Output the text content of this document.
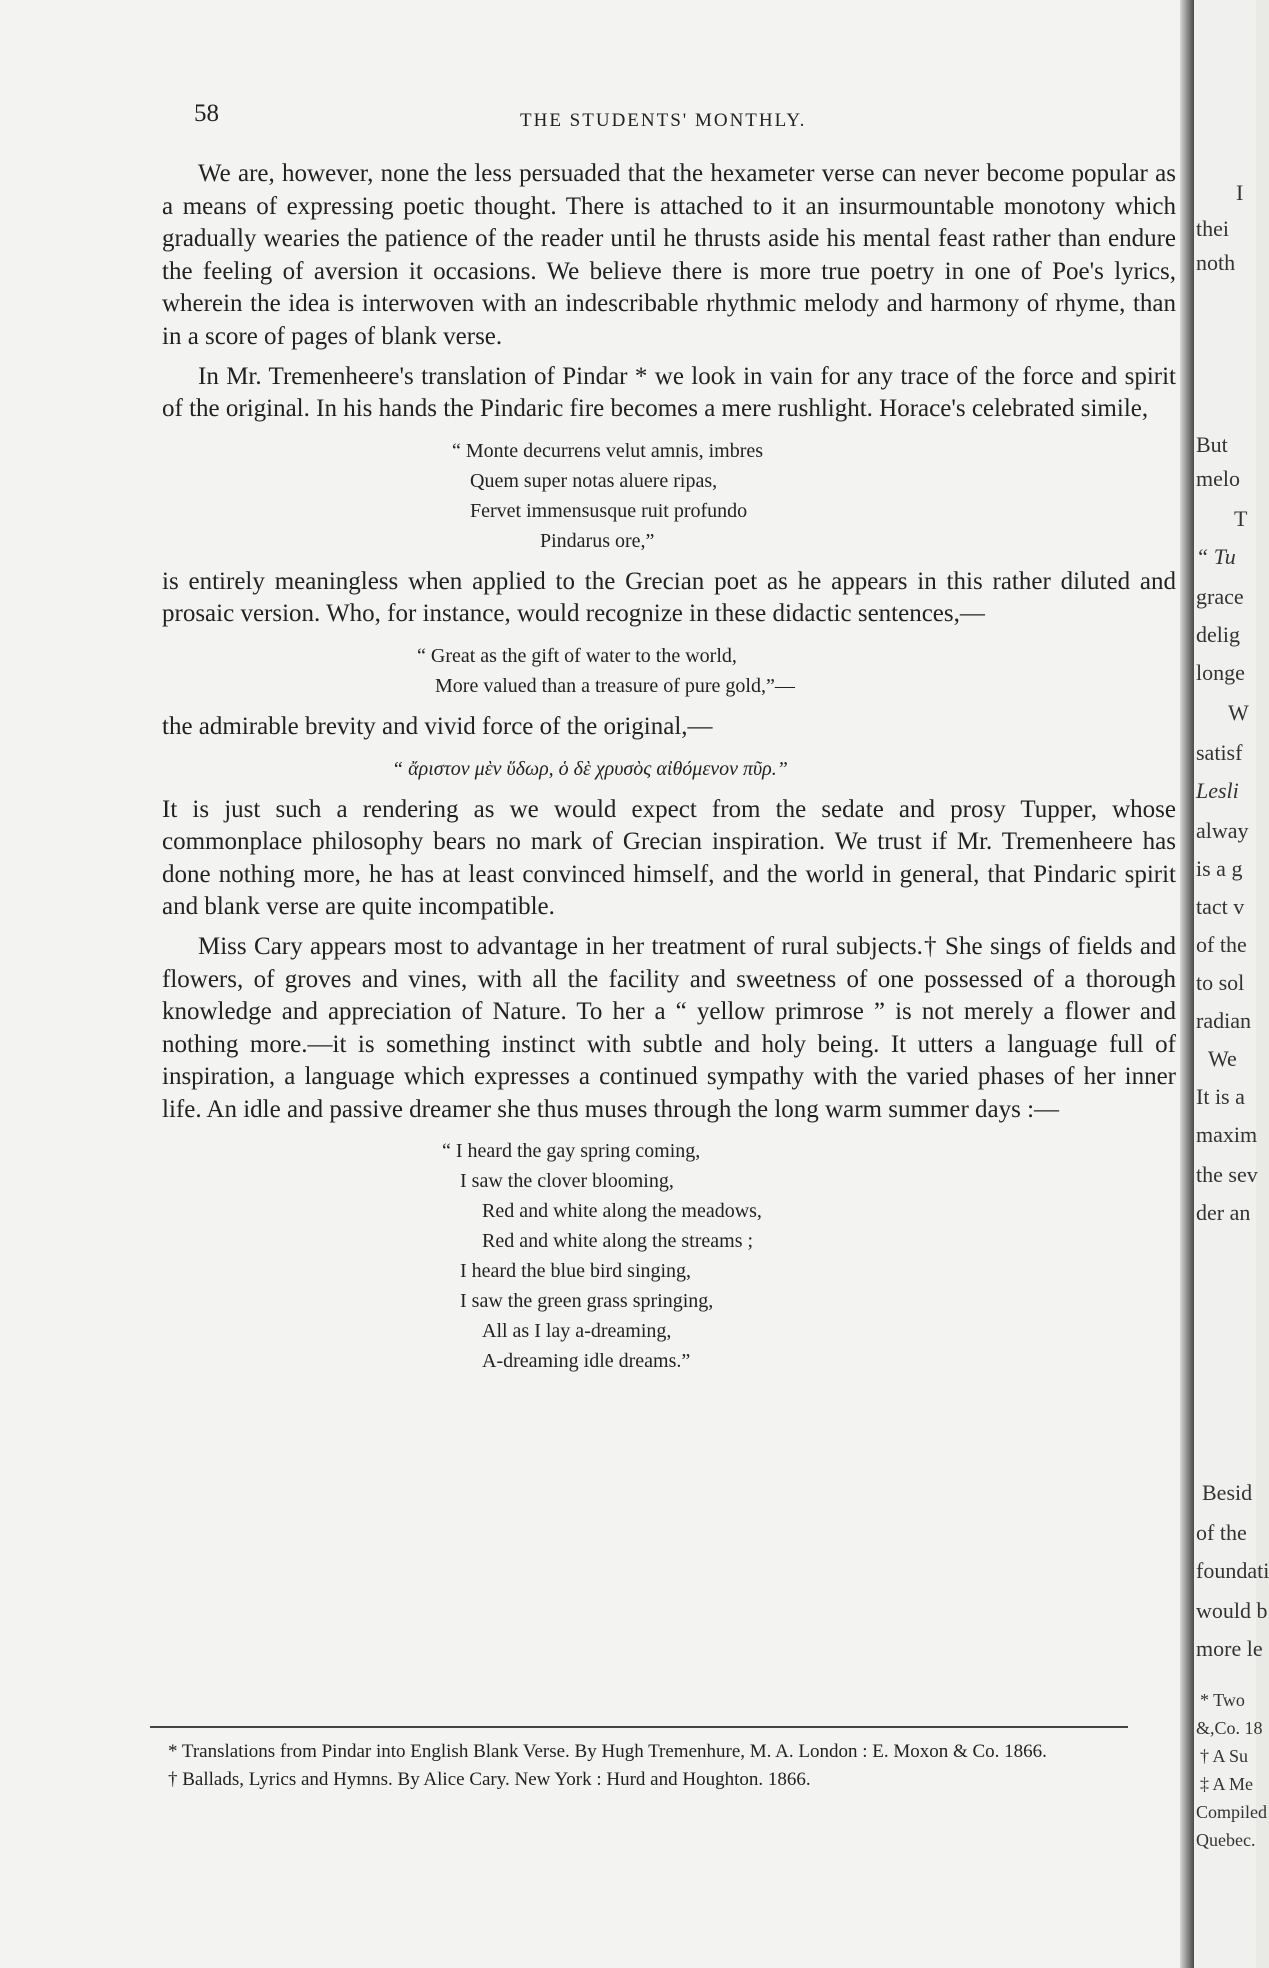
58	THE STUDENTS' MONTHLY.

We are, however, none the less persuaded that the hexameter verse can never become popular as a means of expressing poetic thought. There is attached to it an insurmountable monotony which gradually wearies the patience of the reader until he thrusts aside his mental feast rather than endure the feeling of aversion it occasions. We believe there is more true poetry in one of Poe's lyrics, wherein the idea is interwoven with an indescribable rhythmic melody and harmony of rhyme, than in a score of pages of blank verse.

In Mr. Tremenheere's translation of Pindar * we look in vain for any trace of the force and spirit of the original. In his hands the Pindaric fire becomes a mere rushlight. Horace's celebrated simile,

“ Monte decurrens velut amnis, imbres
Quem super notas aluere ripas,
Fervet immensusque ruit profundo
Pindarus ore,”

is entirely meaningless when applied to the Grecian poet as he appears in this rather diluted and prosaic version. Who, for instance, would recognize in these didactic sentences,—

“ Great as the gift of water to the world,
More valued than a treasure of pure gold,”—

the admirable brevity and vivid force of the original,—

“ ἄριστον μὲν ὕδωρ, ὁ δὲ χρυσὸς αἰθόμενον πῦρ.”

It is just such a rendering as we would expect from the sedate and prosy Tupper, whose commonplace philosophy bears no mark of Grecian inspiration. We trust if Mr. Tremenheere has done nothing more, he has at least convinced himself, and the world in general, that Pindaric spirit and blank verse are quite incompatible.

Miss Cary appears most to advantage in her treatment of rural subjects.† She sings of fields and flowers, of groves and vines, with all the facility and sweetness of one possessed of a thorough knowledge and appreciation of Nature. To her a “ yellow primrose ” is not merely a flower and nothing more.—it is something instinct with subtle and holy being. It utters a language full of inspiration, a language which expresses a continued sympathy with the varied phases of her inner life. An idle and passive dreamer she thus muses through the long warm summer days :—

“ I heard the gay spring coming,
I saw the clover blooming,
Red and white along the meadows,
Red and white along the streams ;
I heard the blue bird singing,
I saw the green grass springing,
All as I lay a-dreaming,
A-dreaming idle dreams.”

* Translations from Pindar into English Blank Verse. By Hugh Tremenhure, M. A. London : E. Moxon & Co. 1866.

† Ballads, Lyrics and Hymns. By Alice Cary. New York : Hurd and Houghton. 1866.

I
thei
noth
But
melo
T
“ Tu
grace
delig
longe
W
satisf
Lesli
alway
is a g
tact v
of the
to sol
radian
We
It is a
maxim
the sev
der an
Besid
of the
foundati
would b
more le
* Two
&,Co. 18
† A Su
‡ A Me
Compiled
Quebec.
